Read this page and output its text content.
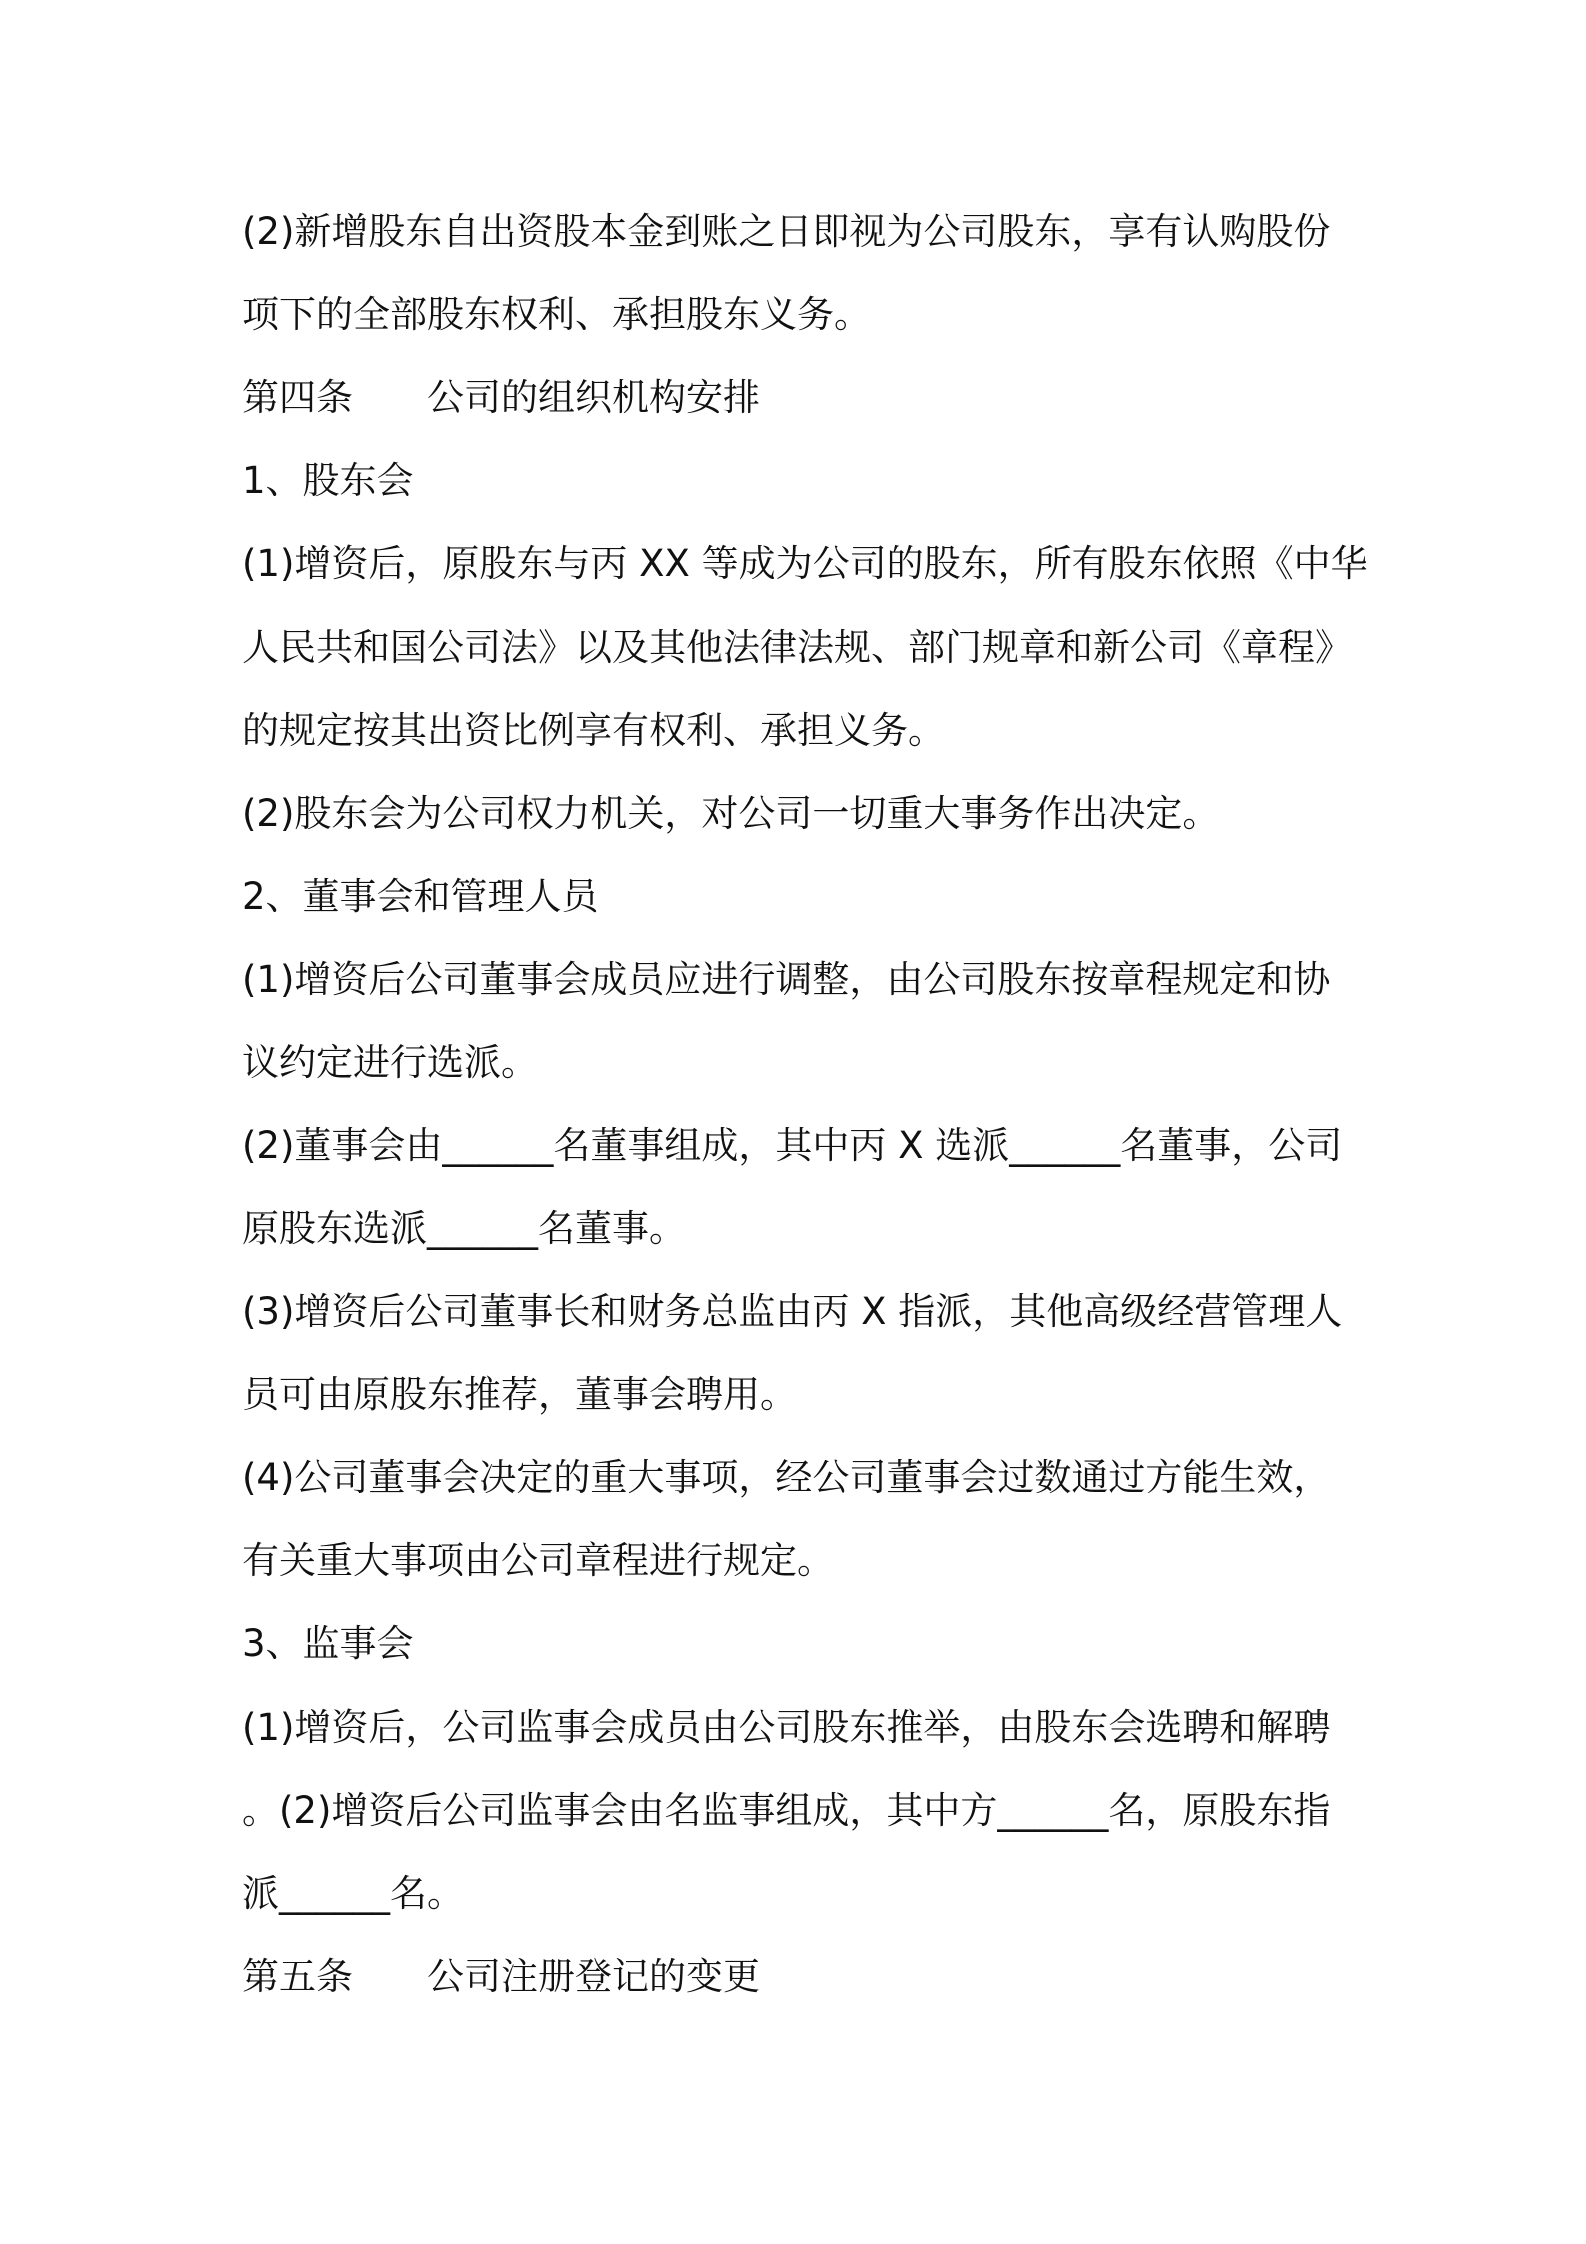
(2)新增股东自出资股本金到账之日即视为公司股东，享有认购股份
项下的全部股东权利、承担股东义务。
第四条　　公司的组织机构安排
1、股东会
(1)增资后，原股东与丙 XX 等成为公司的股东，所有股东依照《中华
人民共和国公司法》以及其他法律法规、部门规章和新公司《章程》
的规定按其出资比例享有权利、承担义务。
(2)股东会为公司权力机关，对公司一切重大事务作出决定。
2、董事会和管理人员
(1)增资后公司董事会成员应进行调整，由公司股东按章程规定和协
议约定进行选派。
(2)董事会由______名董事组成，其中丙 X 选派______名董事，公司
原股东选派______名董事。
(3)增资后公司董事长和财务总监由丙 X 指派，其他高级经营管理人
员可由原股东推荐，董事会聘用。
(4)公司董事会决定的重大事项，经公司董事会过数通过方能生效，
有关重大事项由公司章程进行规定。
3、监事会
(1)增资后，公司监事会成员由公司股东推举，由股东会选聘和解聘
。(2)增资后公司监事会由名监事组成，其中方______名，原股东指
派______名。
第五条　　公司注册登记的变更
